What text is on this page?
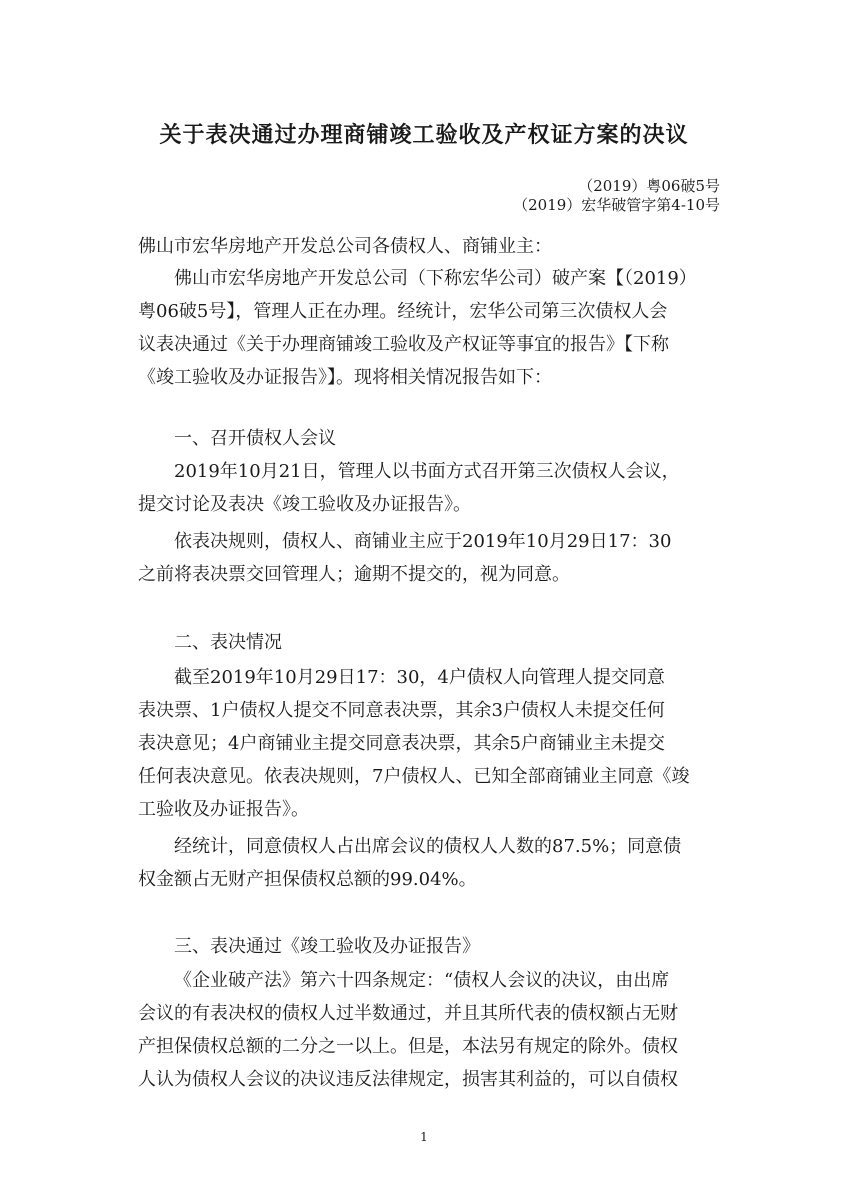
关于表决通过办理商铺竣工验收及产权证方案的决议
（2019）粤06破5号
（2019）宏华破管字第4-10号
佛山市宏华房地产开发总公司各债权人、商铺业主：
佛山市宏华房地产开发总公司（下称宏华公司）破产案【（2019）
粤06破5号】，管理人正在办理。经统计，宏华公司第三次债权人会
议表决通过《关于办理商铺竣工验收及产权证等事宜的报告》【下称
《竣工验收及办证报告》】。现将相关情况报告如下：
一、召开债权人会议
2019年10月21日，管理人以书面方式召开第三次债权人会议，
提交讨论及表决《竣工验收及办证报告》。
依表决规则，债权人、商铺业主应于2019年10月29日17：30
之前将表决票交回管理人；逾期不提交的，视为同意。
二、表决情况
截至2019年10月29日17：30，4户债权人向管理人提交同意
表决票、1户债权人提交不同意表决票，其余3户债权人未提交任何
表决意见；4户商铺业主提交同意表决票，其余5户商铺业主未提交
任何表决意见。依表决规则，7户债权人、已知全部商铺业主同意《竣
工验收及办证报告》。
经统计，同意债权人占出席会议的债权人人数的87.5%；同意债
权金额占无财产担保债权总额的99.04%。
三、表决通过《竣工验收及办证报告》
《企业破产法》第六十四条规定：“债权人会议的决议，由出席
会议的有表决权的债权人过半数通过，并且其所代表的债权额占无财
产担保债权总额的二分之一以上。但是，本法另有规定的除外。债权
人认为债权人会议的决议违反法律规定，损害其利益的，可以自债权
1
